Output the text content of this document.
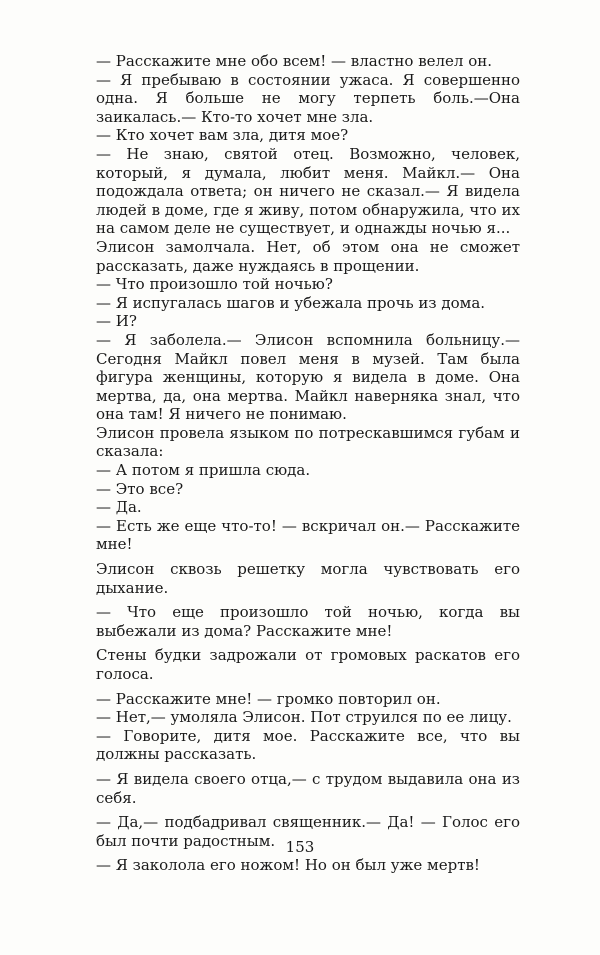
— Расскажите мне обо всем! — властно велел он.

— Я пребываю в состоянии ужаса. Я совершенно одна. Я больше не могу терпеть боль.—Она заикалась.— Кто-то хочет мне зла.

— Кто хочет вам зла, дитя мое?

— Не знаю, святой отец. Возможно, человек, который, я думала, любит меня. Майкл.— Она подождала ответа; он ничего не сказал.— Я видела людей в доме, где я живу, потом обнаружила, что их на самом деле не существует, и однажды ночью я...

Элисон замолчала. Нет, об этом она не сможет рассказать, даже нуждаясь в прощении.

— Что произошло той ночью?

— Я испугалась шагов и убежала прочь из дома.

— И?

— Я заболела.— Элисон вспомнила больницу.— Сегодня Майкл повел меня в музей. Там была фигура женщины, которую я видела в доме. Она мертва, да, она мертва. Майкл наверняка знал, что она там! Я ничего не понимаю.

Элисон провела языком по потрескавшимся губам и сказала:

— А потом я пришла сюда.

— Это все?

— Да.

— Есть же еще что-то! — вскричал он.— Расскажите мне!

Элисон сквозь решетку могла чувствовать его дыхание.

— Что еще произошло той ночью, когда вы выбежали из дома? Расскажите мне!

Стены будки задрожали от громовых раскатов его голоса.

— Расскажите мне! — громко повторил он.

— Нет,— умоляла Элисон. Пот струился по ее лицу.

— Говорите, дитя мое. Расскажите все, что вы должны рассказать.

— Я видела своего отца,— с трудом выдавила она из себя.

— Да,— подбадривал священник.— Да! — Голос его был почти радостным.

— Я заколола его ножом! Но он был уже мертв!

153
